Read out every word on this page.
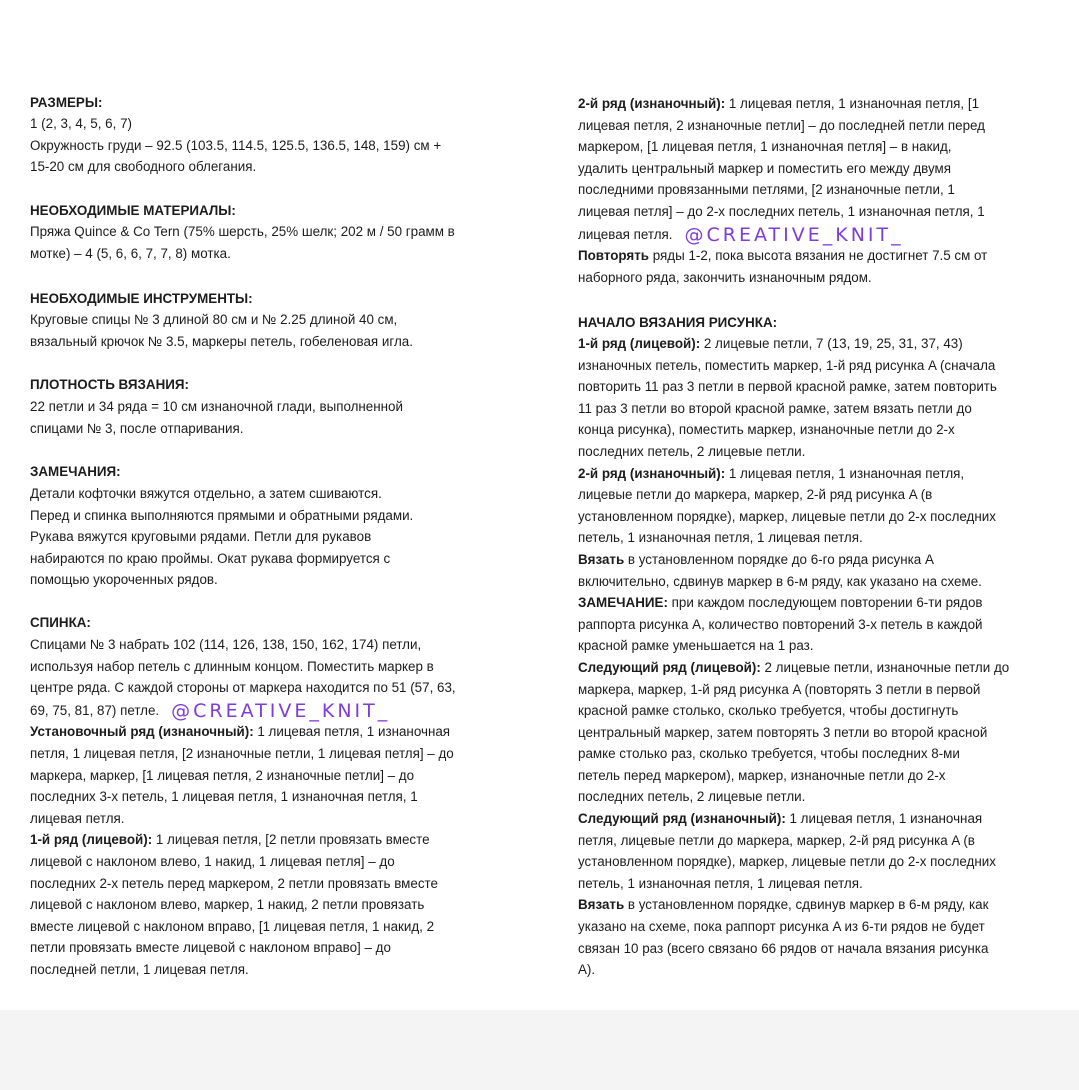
РАЗМЕРЫ:

1 (2, 3, 4, 5, 6, 7)
Окружность груди – 92.5 (103.5, 114.5, 125.5, 136.5, 148, 159) см +
15-20 см для свободного облегания.

НЕОБХОДИМЫЕ МАТЕРИАЛЫ:

Пряжа Quince & Co Tern (75% шерсть, 25% шелк; 202 м / 50 грамм в
мотке) – 4 (5, 6, 6, 7, 7, 8) мотка.

НЕОБХОДИМЫЕ ИНСТРУМЕНТЫ:

Круговые спицы № 3 длиной 80 см и № 2.25 длиной 40 см,
вязальный крючок № 3.5, маркеры петель, гобеленовая игла.

ПЛОТНОСТЬ ВЯЗАНИЯ:

22 петли и 34 ряда = 10 см изнаночной глади, выполненной
спицами № 3, после отпаривания.

ЗАМЕЧАНИЯ:

Детали кофточки вяжутся отдельно, а затем сшиваются.
Перед и спинка выполняются прямыми и обратными рядами.
Рукава вяжутся круговыми рядами. Петли для рукавов
набираются по краю проймы. Окат рукава формируется с
помощью укороченных рядов.

СПИНКА:

Спицами № 3 набрать 102 (114, 126, 138, 150, 162, 174) петли,
используя набор петель с длинным концом. Поместить маркер в
центре ряда. С каждой стороны от маркера находится по 51 (57, 63,
69, 75, 81, 87) петле. @CREATIVE_KNIT_
Установочный ряд (изнаночный): 1 лицевая петля, 1 изнаночная
петля, 1 лицевая петля, [2 изнаночные петли, 1 лицевая петля] – до
маркера, маркер, [1 лицевая петля, 2 изнаночные петли] – до
последних 3-х петель, 1 лицевая петля, 1 изнаночная петля, 1
лицевая петля.
1-й ряд (лицевой): 1 лицевая петля, [2 петли провязать вместе
лицевой с наклоном влево, 1 накид, 1 лицевая петля] – до
последних 2-х петель перед маркером, 2 петли провязать вместе
лицевой с наклоном влево, маркер, 1 накид, 2 петли провязать
вместе лицевой с наклоном вправо, [1 лицевая петля, 1 накид, 2
петли провязать вместе лицевой с наклоном вправо] – до
последней петли, 1 лицевая петля.

2-й ряд (изнаночный): 1 лицевая петля, 1 изнаночная петля, [1
лицевая петля, 2 изнаночные петли] – до последней петли перед
маркером, [1 лицевая петля, 1 изнаночная петля] – в накид,
удалить центральный маркер и поместить его между двумя
последними провязанными петлями, [2 изнаночные петли, 1
лицевая петля] – до 2-х последних петель, 1 изнаночная петля, 1
лицевая петля. @CREATIVE_KNIT_
Повторять ряды 1-2, пока высота вязания не достигнет 7.5 см от
наборного ряда, закончить изнаночным рядом.

НАЧАЛО ВЯЗАНИЯ РИСУНКА:

1-й ряд (лицевой): 2 лицевые петли, 7 (13, 19, 25, 31, 37, 43)
изнаночных петель, поместить маркер, 1-й ряд рисунка A (сначала
повторить 11 раз 3 петли в первой красной рамке, затем повторить
11 раз 3 петли во второй красной рамке, затем вязать петли до
конца рисунка), поместить маркер, изнаночные петли до 2-х
последних петель, 2 лицевые петли.
2-й ряд (изнаночный): 1 лицевая петля, 1 изнаночная петля,
лицевые петли до маркера, маркер, 2-й ряд рисунка A (в
установленном порядке), маркер, лицевые петли до 2-х последних
петель, 1 изнаночная петля, 1 лицевая петля.
Вязать в установленном порядке до 6-го ряда рисунка A
включительно, сдвинув маркер в 6-м ряду, как указано на схеме.
ЗАМЕЧАНИЕ: при каждом последующем повторении 6-ти рядов
раппорта рисунка A, количество повторений 3-х петель в каждой
красной рамке уменьшается на 1 раз.
Следующий ряд (лицевой): 2 лицевые петли, изнаночные петли до
маркера, маркер, 1-й ряд рисунка A (повторять 3 петли в первой
красной рамке столько, сколько требуется, чтобы достигнуть
центральный маркер, затем повторять 3 петли во второй красной
рамке столько раз, сколько требуется, чтобы последних 8-ми
петель перед маркером), маркер, изнаночные петли до 2-х
последних петель, 2 лицевые петли.
Следующий ряд (изнаночный): 1 лицевая петля, 1 изнаночная
петля, лицевые петли до маркера, маркер, 2-й ряд рисунка A (в
установленном порядке), маркер, лицевые петли до 2-х последних
петель, 1 изнаночная петля, 1 лицевая петля.
Вязать в установленном порядке, сдвинув маркер в 6-м ряду, как
указано на схеме, пока раппорт рисунка A из 6-ти рядов не будет
связан 10 раз (всего связано 66 рядов от начала вязания рисунка
A).
